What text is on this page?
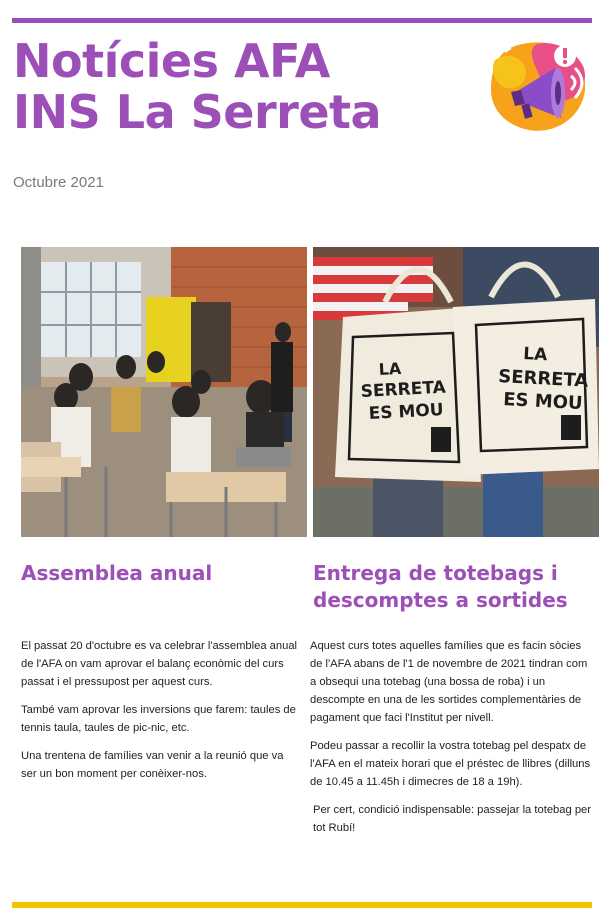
Notícies AFA
INS La Serreta
Octubre 2021
LA
SERRETA
ES MOU
LA
SERRETA
ES MOU
Assemblea anual	Entrega de totebags i
descomptes a sortides

El passat 20 d'octubre es va celebrar l'assemblea anual de l'AFA on vam aprovar el balanç econòmic del curs passat i el pressupost per aquest curs.

També vam aprovar les inversions que farem: taules de tennis taula, taules de pic-nic, etc.

Una trentena de famílies van venir a la reunió que va ser un bon moment per conèixer-nos.

Aquest curs totes aquelles famílies que es facin sòcies de l'AFA abans de l'1 de novembre de 2021 tindran com a obsequi una totebag (una bossa de roba) i un descompte en una de les sortides complementàries de pagament que faci l'Institut per nivell.

Podeu passar a recollir la vostra totebag pel despatx de l'AFA en el mateix horari que el préstec de llibres (dilluns de 10.45 a 11.45h i dimecres de 18 a 19h).

Per cert, condició indispensable: passejar la totebag per tot Rubí!
